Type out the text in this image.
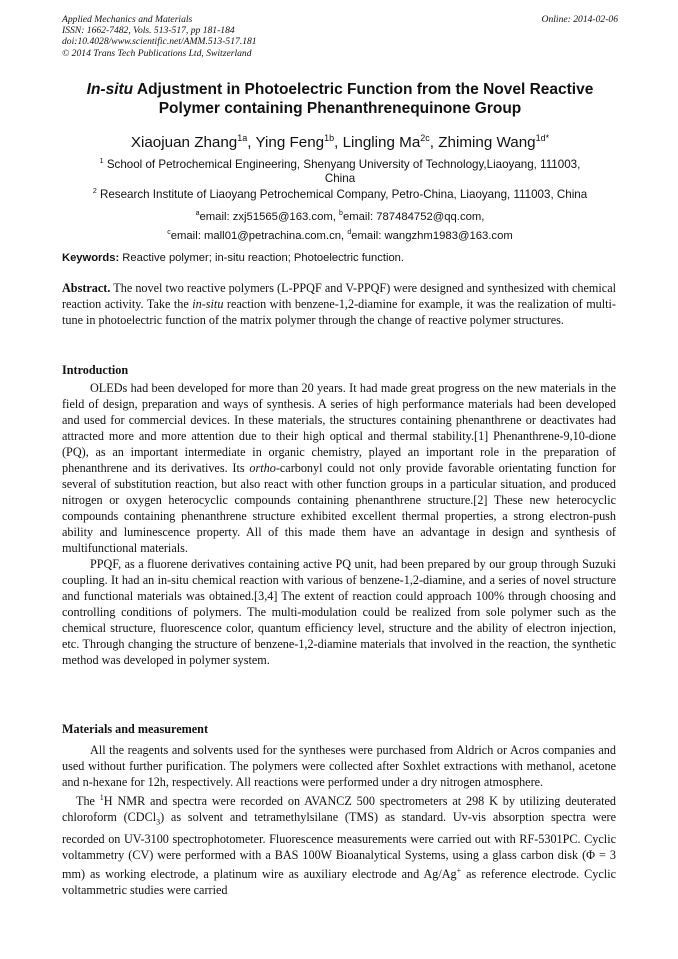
Applied Mechanics and Materials
ISSN: 1662-7482, Vols. 513-517, pp 181-184
doi:10.4028/www.scientific.net/AMM.513-517.181
© 2014 Trans Tech Publications Ltd, Switzerland
Online: 2014-02-06
In-situ Adjustment in Photoelectric Function from the Novel Reactive
Polymer containing Phenanthrenequinone Group
Xiaojuan Zhang$^{1a}$, Ying Feng$^{1b}$, Lingling $Ma^{2c}$, Zhiming Wang$^{1d*}$
$^1$ School of Petrochemical Engineering, Shenyang University of Technology,Liaoyang, 111003,
China
$^2$ Research Institute of Liaoyang Petrochemical Company, Petro-China, Liaoyang, 111003, China
$^a$email: zxj51565@163.com, $^b$email: 787484752@qq.com,
$^c$email: mall01@petrachina.com.cn, $^d$email: wangzhm1983@163.com
Keywords: Reactive polymer; in-situ reaction; Photoelectric function.
Abstract. The novel two reactive polymers (L-PPQF and V-PPQF) were designed and synthesized with chemical reaction activity. Take the in-situ reaction with benzene-1,2-diamine for example, it was the realization of multi-tune in photoelectric function of the matrix polymer through the change of reactive polymer structures.
Introduction

OLEDs had been developed for more than 20 years. It had made great progress on the new materials in the field of design, preparation and ways of synthesis. A series of high performance materials had been developed and used for commercial devices. In these materials, the structures containing phenanthrene or deactivates had attracted more and more attention due to their high optical and thermal stability.[1] Phenanthrene-9,10-dione (PQ), as an important intermediate in organic chemistry, played an important role in the preparation of phenanthrene and its derivatives. Its ortho-carbonyl could not only provide favorable orientating function for several of substitution reaction, but also react with other function groups in a particular situation, and produced nitrogen or oxygen heterocyclic compounds containing phenanthrene structure.[2] These new heterocyclic compounds containing phenanthrene structure exhibited excellent thermal properties, a strong electron-push ability and luminescence property. All of this made them have an advantage in design and synthesis of multifunctional materials.

PPQF, as a fluorene derivatives containing active PQ unit, had been prepared by our group through Suzuki coupling. It had an in-situ chemical reaction with various of benzene-1,2-diamine, and a series of novel structure and functional materials was obtained.[3,4] The extent of reaction could approach 100% through choosing and controlling conditions of polymers. The multi-modulation could be realized from sole polymer such as the chemical structure, fluorescence color, quantum efficiency level, structure and the ability of electron injection, etc. Through changing the structure of benzene-1,2-diamine materials that involved in the reaction, the synthetic method was developed in polymer system.

Materials and measurement

All the reagents and solvents used for the syntheses were purchased from Aldrich or Acros companies and used without further purification. The polymers were collected after Soxhlet extractions with methanol, acetone and n-hexane for 12h, respectively. All reactions were performed under a dry nitrogen atmosphere.

The $^1$H NMR and spectra were recorded on AVANCZ 500 spectrometers at 298 K by utilizing deuterated chloroform (CDCl$_3$) as solvent and tetramethylsilane (TMS) as standard. Uv-vis absorption spectra were recorded on UV-3100 spectrophotometer. Fluorescence measurements were carried out with RF-5301PC. Cyclic voltammetry (CV) were performed with a BAS 100W Bioanalytical Systems, using a glass carbon disk (Φ = 3 mm) as working electrode, a platinum wire as auxiliary electrode and Ag/Ag+ as reference electrode. Cyclic voltammetric studies were carried
